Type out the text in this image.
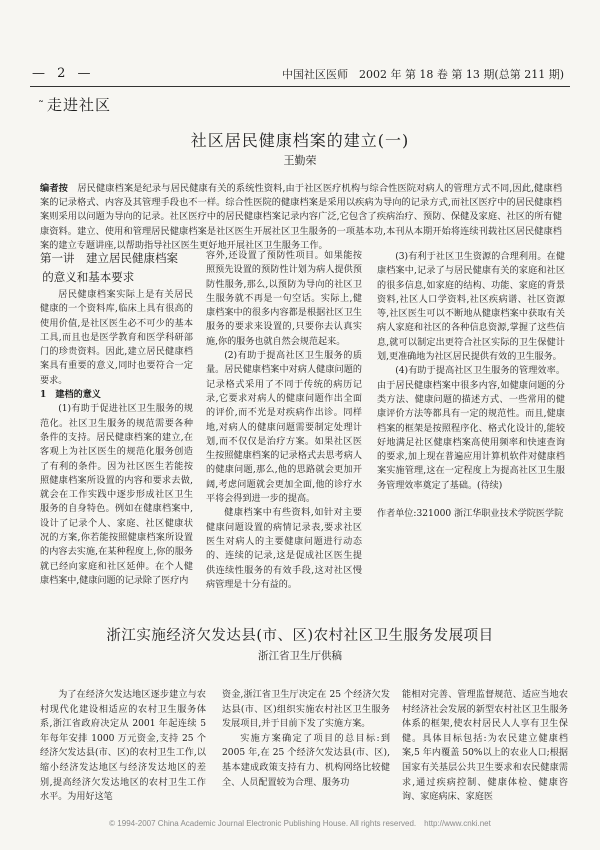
— 2 —	中国社区医师　2002 年 第 18 卷 第 13 期(总第 211 期)
˜ 走进社区
社区居民健康档案的建立(一)
王勤荣
编者按　 居民健康档案是纪录与居民健康有关的系统性资料,由于社区医疗机构与综合性医院对病人的管理方式不同,因此,健康档案的记录格式、内容及其管理手段也不一样。综合性医院的健康档案是采用以疾病为导向的记录方式,而社区医疗中的居民健康档案则采用以问题为导向的记录。社区医疗中的居民健康档案记录内容广泛,它包含了疾病治疗、预防、保健及家庭、社区的所有健康资料。建立、使用和管理居民健康档案是社区医生开展社区卫生服务的一项基本功,本刊从本期开始将连续刊载社区居民健康档案的建立专题讲座,以帮助指导社区医生更好地开展社区卫生服务工作。
第一讲　建立居民健康档案
的意义和基本要求

居民健康档案实际上是有关居民健康的一个资料库,临床上具有很高的使用价值,是社区医生必不可少的基本工具,而且也是医学教育和医学科研部门的珍贵资料。因此,建立居民健康档案具有重要的意义,同时也要符合一定要求。

1　建档的意义

(1)有助于促进社区卫生服务的规范化。社区卫生服务的规范需要各种条件的支持。居民健康档案的建立,在客观上为社区医生的规范化服务创造了有利的条件。因为社区医生若能按照健康档案所设置的内容和要求去做,就会在工作实践中逐步形成社区卫生服务的自身特色。例如在健康档案中,设计了记录个人、家庭、社区健康状况的方案,你若能按照健康档案所设置的内容去实施,在某种程度上,你的服务就已经向家庭和社区延伸。在个人健康档案中,健康问题的记录除了医疗内

容外,还设置了预防性项目。如果能按照预先设置的预防性计划为病人提供预防性服务,那么,以预防为导向的社区卫生服务就不再是一句空话。实际上,健康档案中的很多内容都是根据社区卫生服务的要求来设置的,只要你去认真实施,你的服务也就自然会规范起来。

(2)有助于提高社区卫生服务的质量。居民健康档案中对病人健康问题的记录格式采用了不同于传统的病历记录,它要求对病人的健康问题作出全面的评价,而不光是对疾病作出诊。同样地,对病人的健康问题需要制定处理计划,而不仅仅是治疗方案。如果社区医生按照健康档案的记录格式去思考病人的健康问题,那么,他的思路就会更加开阔,考虑问题就会更加全面,他的诊疗水平将会得到进一步的提高。

健康档案中有些资料,如针对主要健康问题设置的病情记录表,要求社区医生对病人的主要健康问题进行动态的、连续的记录,这是促成社区医生提供连续性服务的有效手段,这对社区慢病管理是十分有益的。

(3)有利于社区卫生资源的合理利用。在健康档案中,记录了与居民健康有关的家庭和社区的很多信息,如家庭的结构、功能、家庭的背景资料,社区人口学资料,社区疾病谱、社区资源等,社区医生可以不断地从健康档案中获取有关病人家庭和社区的各种信息资源,掌握了这些信息,就可以制定出更符合社区实际的卫生保健计划,更准确地为社区居民提供有效的卫生服务。

(4)有助于提高社区卫生服务的管理效率。由于居民健康档案中很多内容,如健康问题的分类方法、健康问题的描述方式、一些常用的健康评价方法等都具有一定的规范性。而且,健康档案的框架是按照程序化、格式化设计的,能较好地满足社区健康档案高使用频率和快速查询的要求,加上现在普遍应用计算机软件对健康档案实施管理,这在一定程度上为提高社区卫生服务管理效率奠定了基础。(待续)

作者单位:321000 浙江华职业技术学院医学院

浙江实施经济欠发达县(市、区)农村社区卫生服务发展项目
浙江省卫生厅供稿

为了在经济欠发达地区逐步建立与农村现代化建设相适应的农村卫生服务体系,浙江省政府决定从 2001 年起连续 5 年每年安排 1000 万元资金,支持 25 个经济欠发达县(市、区)的农村卫生工作,以缩小经济发达地区与经济发达地区的差别,提高经济欠发达地区的农村卫生工作水平。为用好这笔

资金,浙江省卫生厅决定在 25 个经济欠发达县(市、区)组织实施农村社区卫生服务发展项目,并于目前下发了实施方案。

实施方案确定了项目的总目标:到 2005 年,在 25 个经济欠发达县(市、区),基本建成政策支持有力、机构网络比较健全、人员配置较为合理、服务功

能相对完善、管理监督规范、适应当地农村经济社会发展的新型农村社区卫生服务体系的框架,使农村居民人人享有卫生保健。具体目标包括:为农民建立健康档案,5 年内覆盖 50%以上的农业人口;根据国家有关基层公共卫生要求和农民健康需求,通过疾病控制、健康体检、健康咨询、家庭病床、家庭医

© 1994-2007 China Academic Journal Electronic Publishing House. All rights reserved.　http://www.cnki.net
